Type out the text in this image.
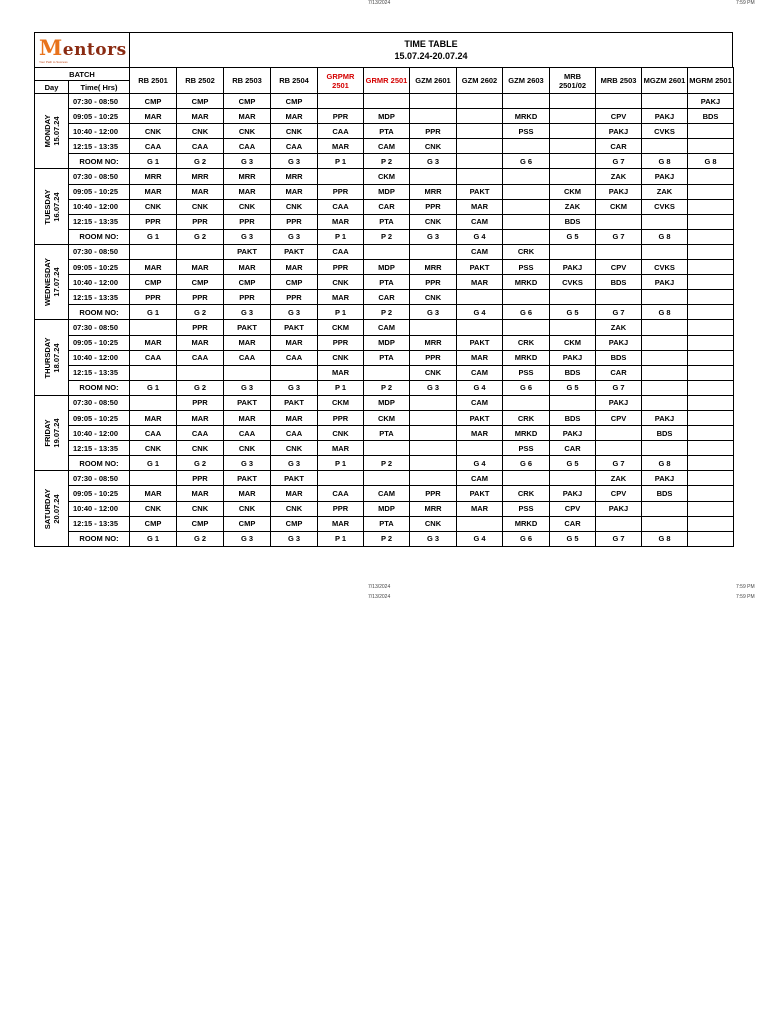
7/13/2024	7:59 PM
Mentors
Your Path to Success
TIME TABLE
15.07.24-20.07.24
BATCH		RB 2501	RB 2502	RB 2503	RB 2504	GRPMR 2501	GRMR 2501	GZM 2601	GZM 2602	GZM 2603	MRB 2501/02	MRB 2503	MGZM 2601	MGRM 2501
Day	Time( Hrs)													

MONDAY 15.07.24	07:30 - 08:50	CMP	CMP	CMP	CMP									PAKJ
	09:05 - 10:25	MAR	MAR	MAR	MAR	PPR	MDP			MRKD		CPV	PAKJ	BDS
	10:40 - 12:00	CNK	CNK	CNK	CNK	CAA	PTA	PPR		PSS		PAKJ	CVKS	
	12:15 - 13:35	CAA	CAA	CAA	CAA	MAR	CAM	CNK				CAR		
	ROOM NO:	G 1	G 2	G 3	G 3	P 1	P 2	G 3		G 6		G 7	G 8	G 8

TUESDAY 16.07.24	07:30 - 08:50	MRR	MRR	MRR	MRR		CKM					ZAK	PAKJ	
	09:05 - 10:25	MAR	MAR	MAR	MAR	PPR	MDP	MRR	PAKT		CKM	PAKJ	ZAK	
	10:40 - 12:00	CNK	CNK	CNK	CNK	CAA	CAR	PPR	MAR		ZAK	CKM	CVKS	
	12:15 - 13:35	PPR	PPR	PPR	PPR	MAR	PTA	CNK	CAM		BDS			
	ROOM NO:	G 1	G 2	G 3	G 3	P 1	P 2	G 3	G 4		G 5	G 7	G 8	

WEDNESDAY 17.07.24	07:30 - 08:50			PAKT	PAKT	CAA			CAM	CRK				
	09:05 - 10:25	MAR	MAR	MAR	MAR	PPR	MDP	MRR	PAKT	PSS	PAKJ	CPV	CVKS	
	10:40 - 12:00	CMP	CMP	CMP	CMP	CNK	PTA	PPR	MAR	MRKD	CVKS	BDS	PAKJ	
	12:15 - 13:35	PPR	PPR	PPR	PPR	MAR	CAR	CNK						
	ROOM NO:	G 1	G 2	G 3	G 3	P 1	P 2	G 3	G 4	G 6	G 5	G 7	G 8	

THURSDAY 18.07.24	07:30 - 08:50		PPR	PAKT	PAKT	CKM	CAM					ZAK		
	09:05 - 10:25	MAR	MAR	MAR	MAR	PPR	MDP	MRR	PAKT	CRK	CKM	PAKJ		
	10:40 - 12:00	CAA	CAA	CAA	CAA	CNK	PTA	PPR	MAR	MRKD	PAKJ	BDS		
	12:15 - 13:35					MAR		CNK	CAM	PSS	BDS	CAR		
	ROOM NO:	G 1	G 2	G 3	G 3	P 1	P 2	G 3	G 4	G 6	G 5	G 7		

FRIDAY 19.07.24	07:30 - 08:50		PPR	PAKT	PAKT	CKM	MDP		CAM			PAKJ		
	09:05 - 10:25	MAR	MAR	MAR	MAR	PPR	CKM		PAKT	CRK	BDS	CPV	PAKJ	
	10:40 - 12:00	CAA	CAA	CAA	CAA	CNK	PTA		MAR	MRKD	PAKJ		BDS	
	12:15 - 13:35	CNK	CNK	CNK	CNK	MAR				PSS	CAR			
	ROOM NO:	G 1	G 2	G 3	G 3	P 1	P 2		G 4	G 6	G 5	G 7	G 8	

SATURDAY 20.07.24	07:30 - 08:50		PPR	PAKT	PAKT				CAM			ZAK	PAKJ	
	09:05 - 10:25	MAR	MAR	MAR	MAR	CAA	CAM	PPR	PAKT	CRK	PAKJ	CPV	BDS	
	10:40 - 12:00	CNK	CNK	CNK	CNK	PPR	MDP	MRR	MAR	PSS	CPV	PAKJ		
	12:15 - 13:35	CMP	CMP	CMP	CMP	MAR	PTA	CNK		MRKD	CAR			
	ROOM NO:	G 1	G 2	G 3	G 3	P 1	P 2	G 3	G 4	G 6	G 5	G 7	G 8	
7/13/2024	7:59 PM
7/13/2024	7:59 PM
